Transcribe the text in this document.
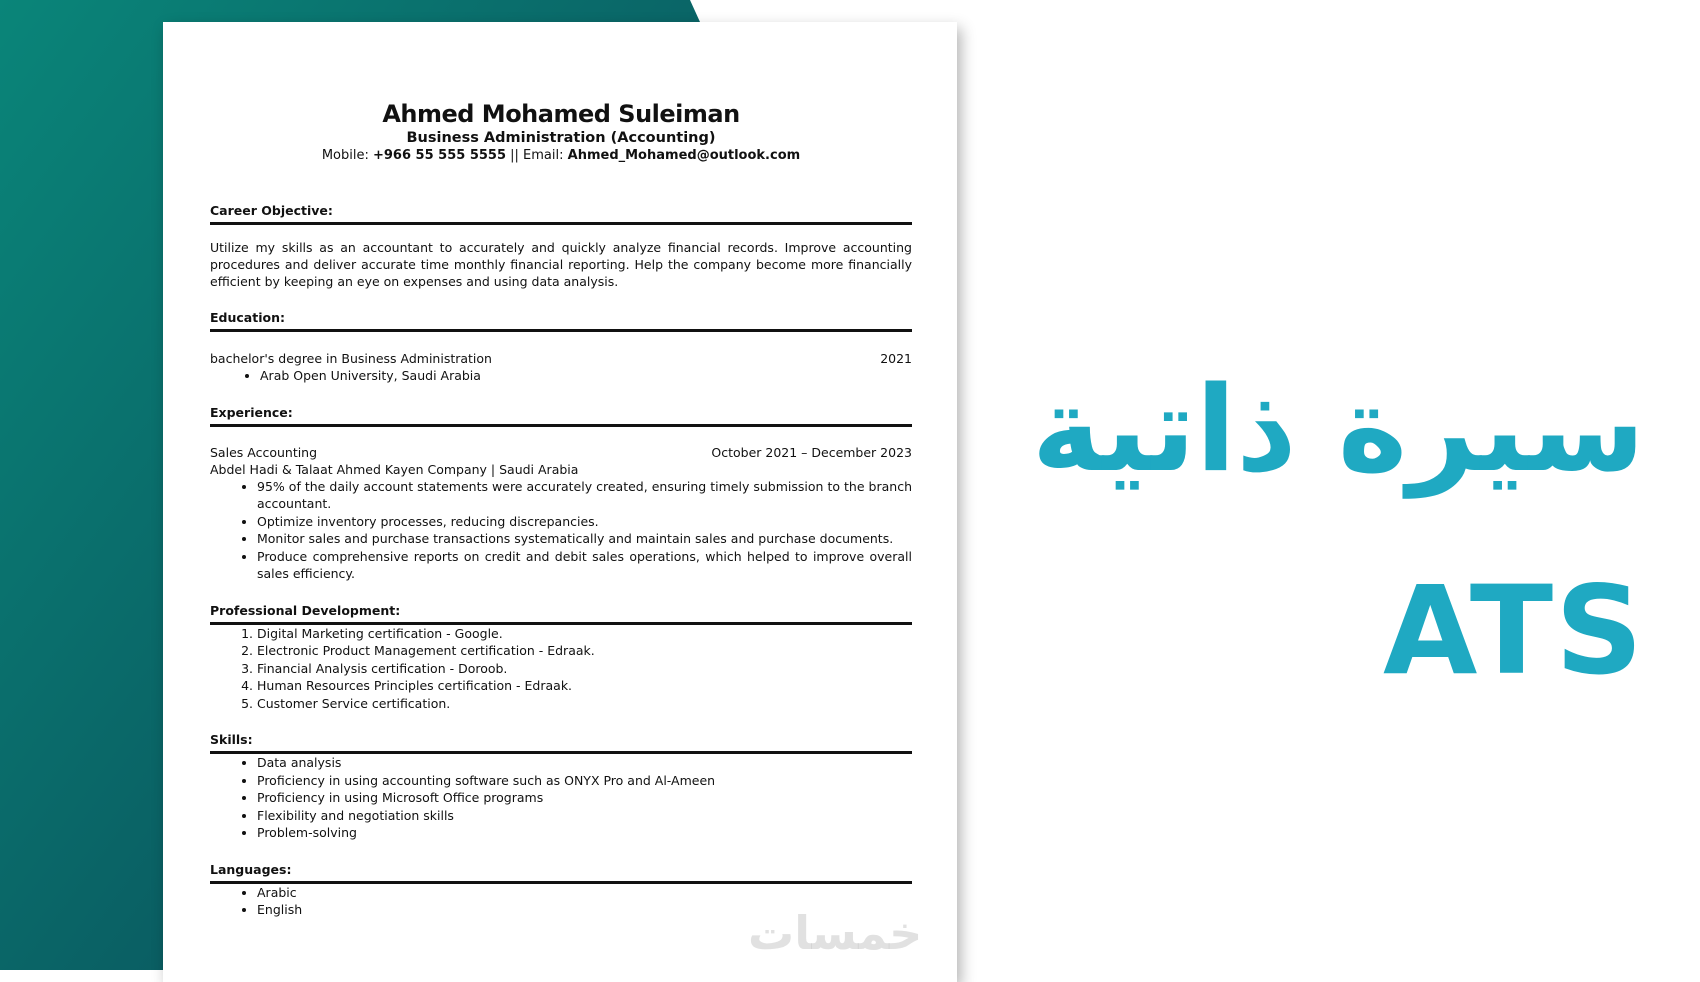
Ahmed Mohamed Suleiman
Business Administration (Accounting)
Mobile: +966 55 555 5555 || Email: Ahmed_Mohamed@outlook.com
Career Objective:
Utilize my skills as an accountant to accurately and quickly analyze financial records. Improve accounting procedures and deliver accurate time monthly financial reporting. Help the company become more financially efficient by keeping an eye on expenses and using data analysis.
Education:
bachelor's degree in Business Administration	2021
• Arab Open University, Saudi Arabia
Experience:
Sales Accounting	October 2021 – December 2023
Abdel Hadi & Talaat Ahmed Kayen Company | Saudi Arabia
• 95% of the daily account statements were accurately created, ensuring timely submission to the branch accountant.
• Optimize inventory processes, reducing discrepancies.
• Monitor sales and purchase transactions systematically and maintain sales and purchase documents.
• Produce comprehensive reports on credit and debit sales operations, which helped to improve overall sales efficiency.
Professional Development:
1. Digital Marketing certification - Google.
2. Electronic Product Management certification - Edraak.
3. Financial Analysis certification - Doroob.
4. Human Resources Principles certification - Edraak.
5. Customer Service certification.
Skills:
• Data analysis
• Proficiency in using accounting software such as ONYX Pro and Al-Ameen
• Proficiency in using Microsoft Office programs
• Flexibility and negotiation skills
• Problem-solving
Languages:
• Arabic
• English	خمسات
سيرة ذاتية
ATS
